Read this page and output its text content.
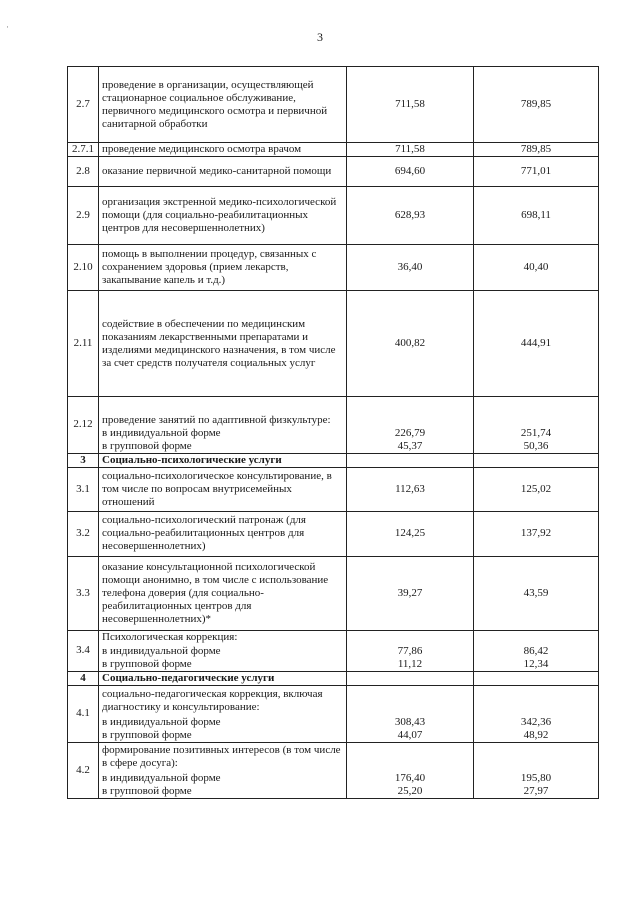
3
2.7	проведение в организации, осуществляющей стационарное социальное обслуживание, первичного медицинского осмотра и первичной санитарной обработки	711,58	789,85
2.7.1	проведение медицинского осмотра врачом	711,58	789,85
2.8	оказание первичной медико-санитарной помощи	694,60	771,01
2.9	организация экстренной медико-психологической помощи (для социально-реабилитационных центров для несовершеннолетних)	628,93	698,11
2.10	помощь в выполнении процедур, связанных с сохранением здоровья (прием лекарств, закапывание капель и т.д.)	36,40	40,40
2.11	содействие в обеспечении по медицинским показаниям лекарственными препаратами и изделиями медицинского назначения, в том числе за счет средств получателя социальных услуг	400,82	444,91
2.12	проведение занятий по адаптивной физкультуре:		
	в индивидуальной форме	226,79	251,74
	в групповой форме	45,37	50,36
3	Социально-психологические услуги		
3.1	социально-психологическое консультирование, в том числе по вопросам внутрисемейных отношений	112,63	125,02
3.2	социально-психологический патронаж (для социально-реабилитационных центров для несовершеннолетних)	124,25	137,92
3.3	оказание консультационной психологической помощи анонимно, в том числе с использование телефона доверия (для социально-реабилитационных центров для несовершеннолетних)*	39,27	43,59
3.4	Психологическая коррекция:		
	в индивидуальной форме	77,86	86,42
	в групповой форме	11,12	12,34
4	Социально-педагогические услуги		
4.1	социально-педагогическая коррекция, включая диагностику и консультирование:		
	в индивидуальной форме	308,43	342,36
	в групповой форме	44,07	48,92
4.2	формирование позитивных интересов (в том числе в сфере досуга):		
	в индивидуальной форме	176,40	195,80
	в групповой форме	25,20	27,97
·
